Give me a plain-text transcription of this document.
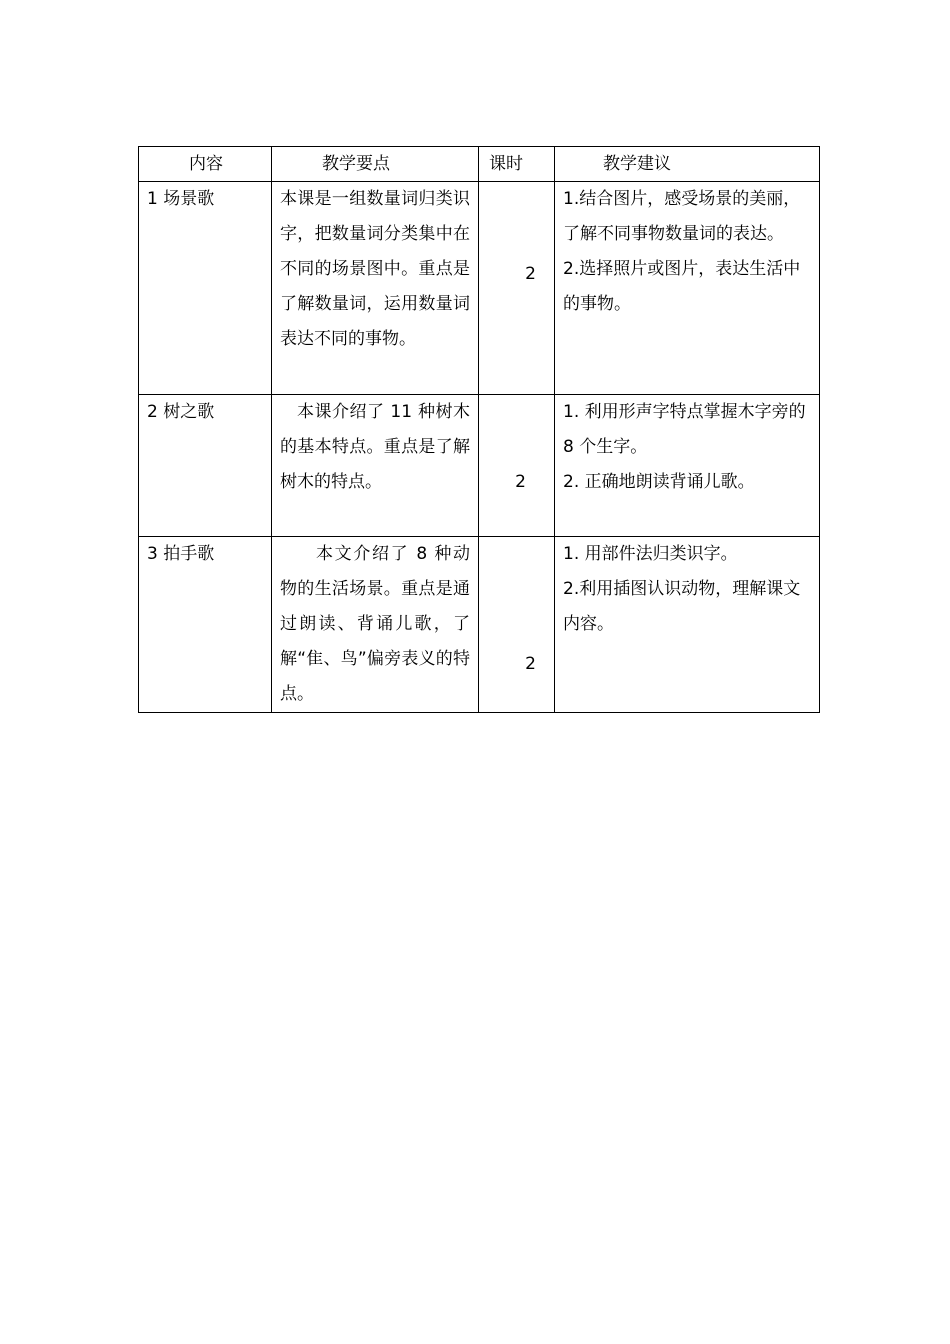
内容	教学要点	课时	教学建议
1 场景歌	本课是一组数量词归类识字，把数量词分类集中在不同的场景图中。重点是了解数量词，运用数量词表达不同的事物。	2	1.结合图片，感受场景的美丽，了解不同事物数量词的表达。
2.选择照片或图片，表达生活中的事物。

2 树之歌	本课介绍了 11 种树木的基本特点。重点是了解树木的特点。	2	1. 利用形声字特点掌握木字旁的 8 个生字。
2. 正确地朗读背诵儿歌。

3 拍手歌	本文介绍了 8 种动物的生活场景。重点是通过朗读、背诵儿歌，了解“隹、鸟”偏旁表义的特点。	2	1. 用部件法归类识字。
2.利用插图认识动物，理解课文内容。
